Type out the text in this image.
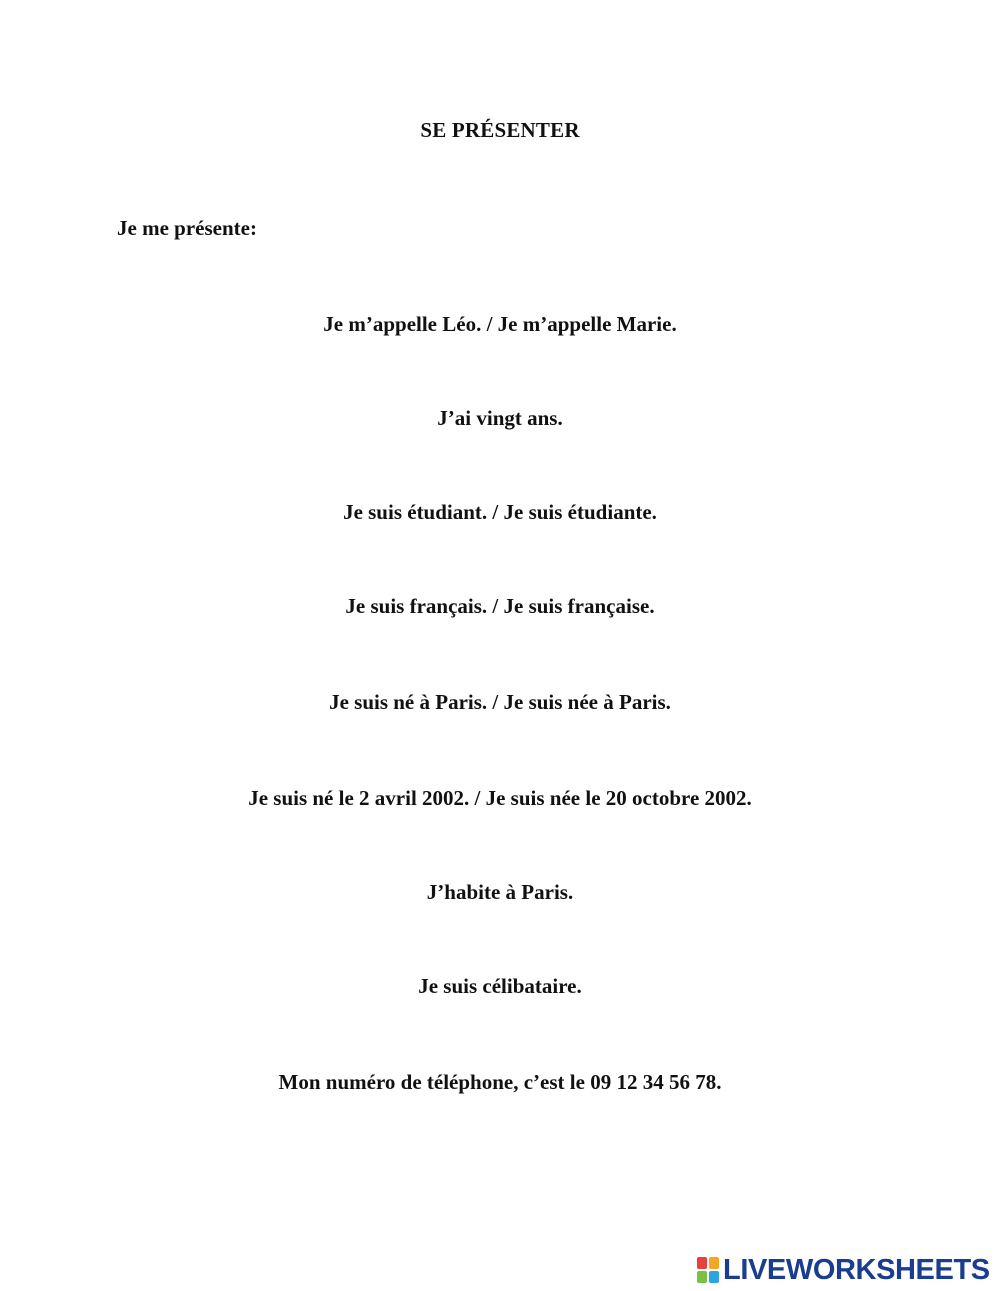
SE PRÉSENTER
Je me présente:
Je m’appelle Léo. / Je m’appelle Marie.
J’ai vingt ans.
Je suis étudiant. / Je suis étudiante.
Je suis français. / Je suis française.
Je suis né à Paris. / Je suis née à Paris.
Je suis né le 2 avril 2002. / Je suis née le 20 octobre 2002.
J’habite à Paris.
Je suis célibataire.
Mon numéro de téléphone, c’est le 09 12 34 56 78.
LIVEWORKSHEETS
